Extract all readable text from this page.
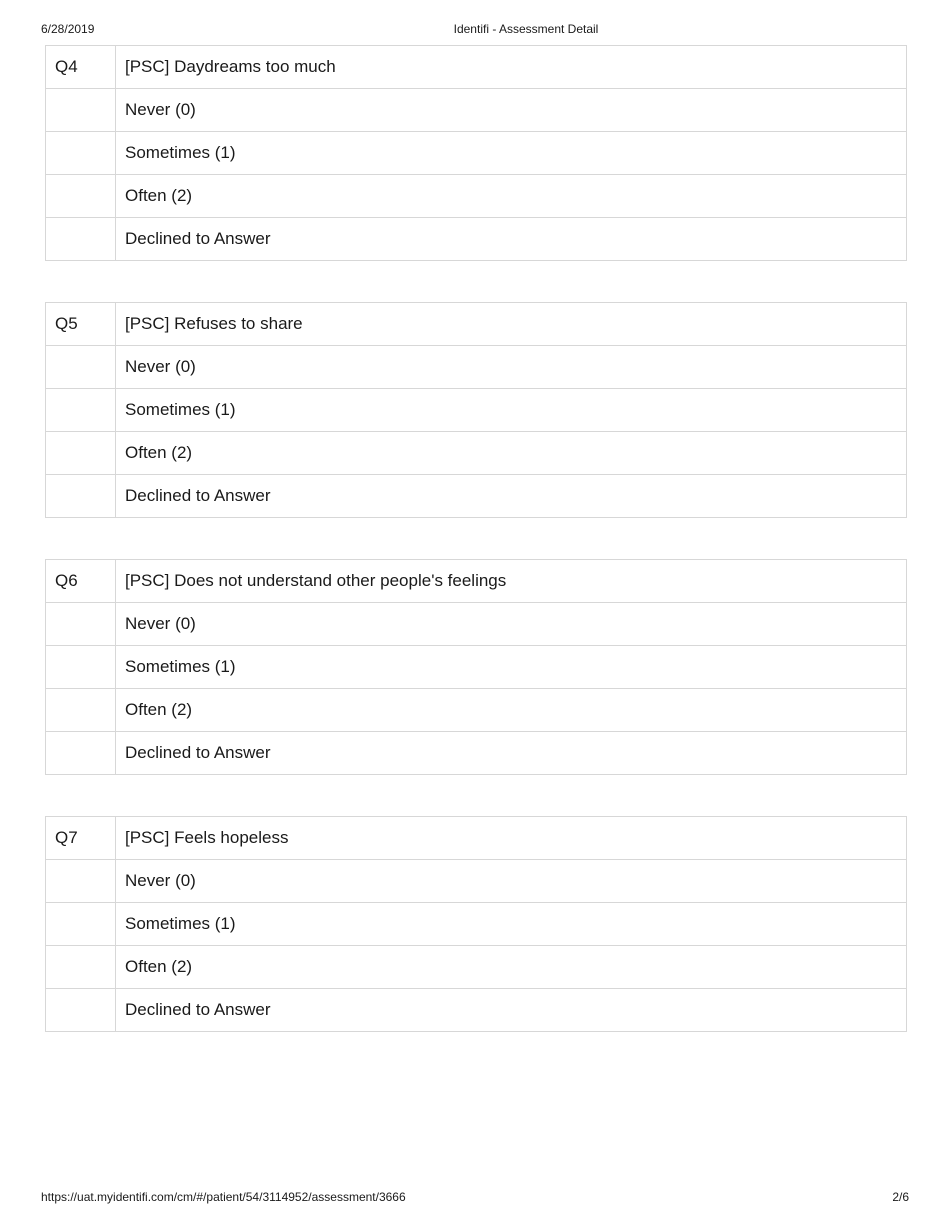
6/28/2019	Identifi - Assessment Detail
Q4	[PSC] Daydreams too much
	Never (0)
	Sometimes (1)
	Often (2)
	Declined to Answer
Q5	[PSC] Refuses to share
	Never (0)
	Sometimes (1)
	Often (2)
	Declined to Answer
Q6	[PSC] Does not understand other people's feelings
	Never (0)
	Sometimes (1)
	Often (2)
	Declined to Answer
Q7	[PSC] Feels hopeless
	Never (0)
	Sometimes (1)
	Often (2)
	Declined to Answer
https://uat.myidentifi.com/cm/#/patient/54/3114952/assessment/3666	2/6
